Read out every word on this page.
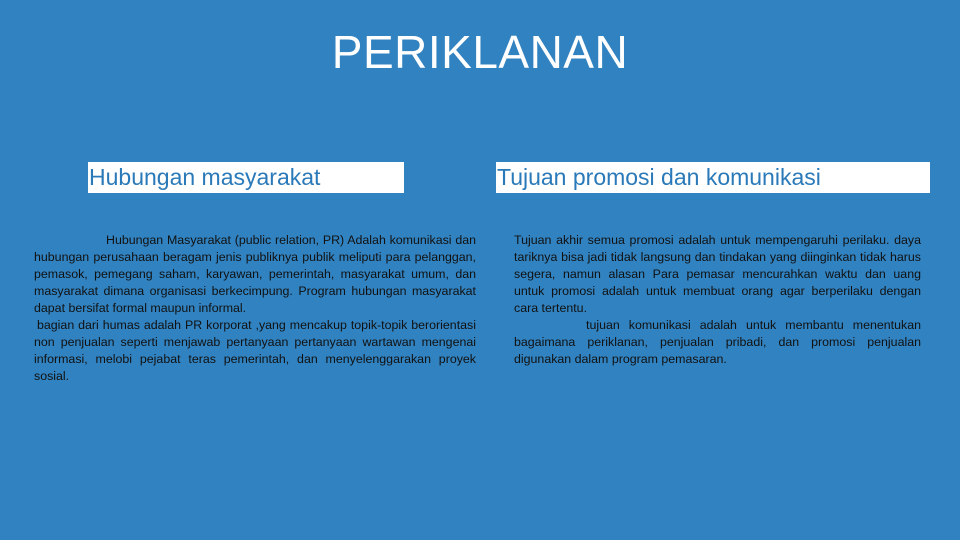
PERIKLANAN
Hubungan masyarakat

Hubungan Masyarakat (public relation, PR) Adalah komunikasi dan hubungan perusahaan beragam jenis publiknya publik meliputi para pelanggan, pemasok, pemegang saham, karyawan, pemerintah, masyarakat umum, dan masyarakat dimana organisasi berkecimpung. Program hubungan masyarakat dapat bersifat formal maupun informal.

bagian dari humas adalah PR korporat ,yang mencakup topik-topik berorientasi non penjualan seperti menjawab pertanyaan pertanyaan wartawan mengenai informasi, melobi pejabat teras pemerintah, dan menyelenggarakan proyek sosial.

Tujuan promosi dan komunikasi

Tujuan akhir semua promosi adalah untuk mempengaruhi perilaku. daya tariknya bisa jadi tidak langsung dan tindakan yang diinginkan tidak harus segera, namun alasan Para pemasar mencurahkan waktu dan uang untuk promosi adalah untuk membuat orang agar berperilaku dengan cara tertentu.

tujuan komunikasi adalah untuk membantu menentukan bagaimana periklanan, penjualan pribadi, dan promosi penjualan digunakan dalam program pemasaran.
